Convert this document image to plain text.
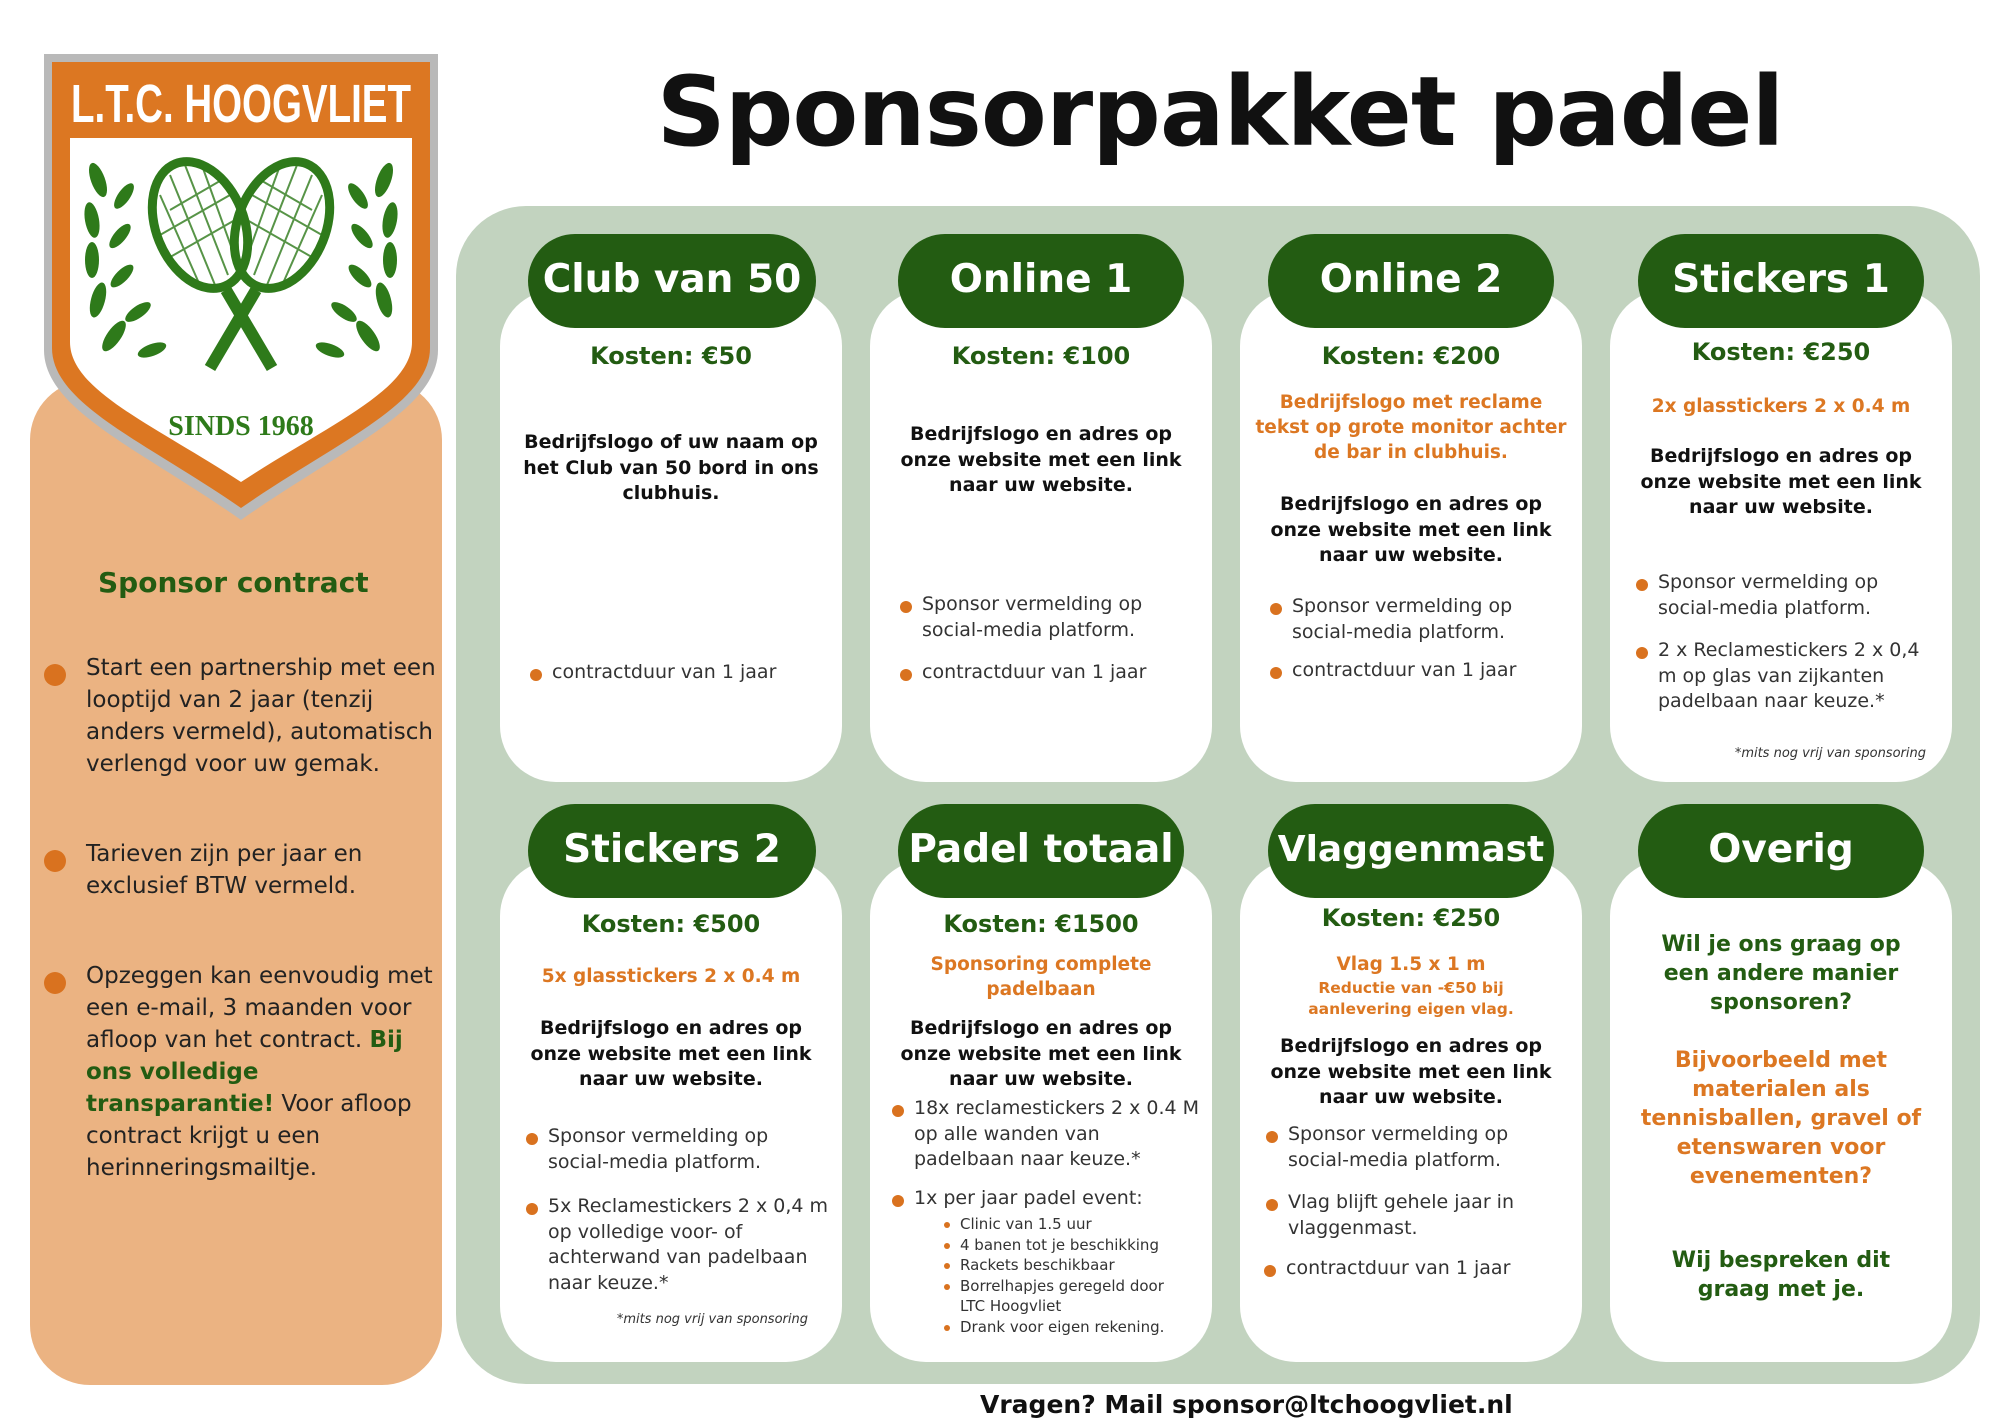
L.T.C. HOOGVLIET
SINDS 1968
Sponsor contract
Start een partnership met een looptijd van 2 jaar (tenzij anders vermeld), automatisch verlengd voor uw gemak.
Tarieven zijn per jaar en exclusief BTW vermeld.
Opzeggen kan eenvoudig met een e-mail, 3 maanden voor afloop van het contract. Bij ons volledige transparantie! Voor afloop contract krijgt u een herinneringsmailtje.
Sponsorpakket padel
Kosten: €50
Bedrijfslogo of uw naam op het Club van 50 bord in ons clubhuis.
contractduur van 1 jaar
Club van 50
Kosten: €100
Bedrijfslogo en adres op onze website met een link naar uw website.
Sponsor vermelding op social-media platform.
contractduur van 1 jaar
Online 1
Kosten: €200
Bedrijfslogo met reclame tekst op grote monitor achter de bar in clubhuis.
Bedrijfslogo en adres op onze website met een link naar uw website.
Sponsor vermelding op social-media platform.
contractduur van 1 jaar
Online 2
Kosten: €250
2x glasstickers 2 x 0.4 m
Bedrijfslogo en adres op onze website met een link naar uw website.
Sponsor vermelding op social-media platform.
2 x Reclamestickers 2 x 0,4 m op glas van zijkanten padelbaan naar keuze.*
*mits nog vrij van sponsoring
Stickers 1
Kosten: €500
5x glasstickers 2 x 0.4 m
Bedrijfslogo en adres op onze website met een link naar uw website.
Sponsor vermelding op social-media platform.
5x Reclamestickers 2 x 0,4 m op volledige voor- of achterwand van padelbaan naar keuze.*
*mits nog vrij van sponsoring
Stickers 2
Kosten: €1500
Sponsoring complete padelbaan
Bedrijfslogo en adres op onze website met een link naar uw website.
18x reclamestickers 2 x 0.4 M op alle wanden van padelbaan naar keuze.*
1x per jaar padel event:
Clinic van 1.5 uur
4 banen tot je beschikking
Rackets beschikbaar
Borrelhapjes geregeld door LTC Hoogvliet
Drank voor eigen rekening.
Padel totaal
Kosten: €250
Vlag 1.5 x 1 m
Reductie van -€50 bij aanlevering eigen vlag.
Bedrijfslogo en adres op onze website met een link naar uw website.
Sponsor vermelding op social-media platform.
Vlag blijft gehele jaar in vlaggenmast.
contractduur van 1 jaar
Vlaggenmast
Wil je ons graag op een andere manier sponsoren?
Bijvoorbeeld met materialen als tennisballen, gravel of etenswaren voor evenementen?
Wij bespreken dit graag met je.
Overig
Vragen? Mail sponsor@ltchoogvliet.nl
